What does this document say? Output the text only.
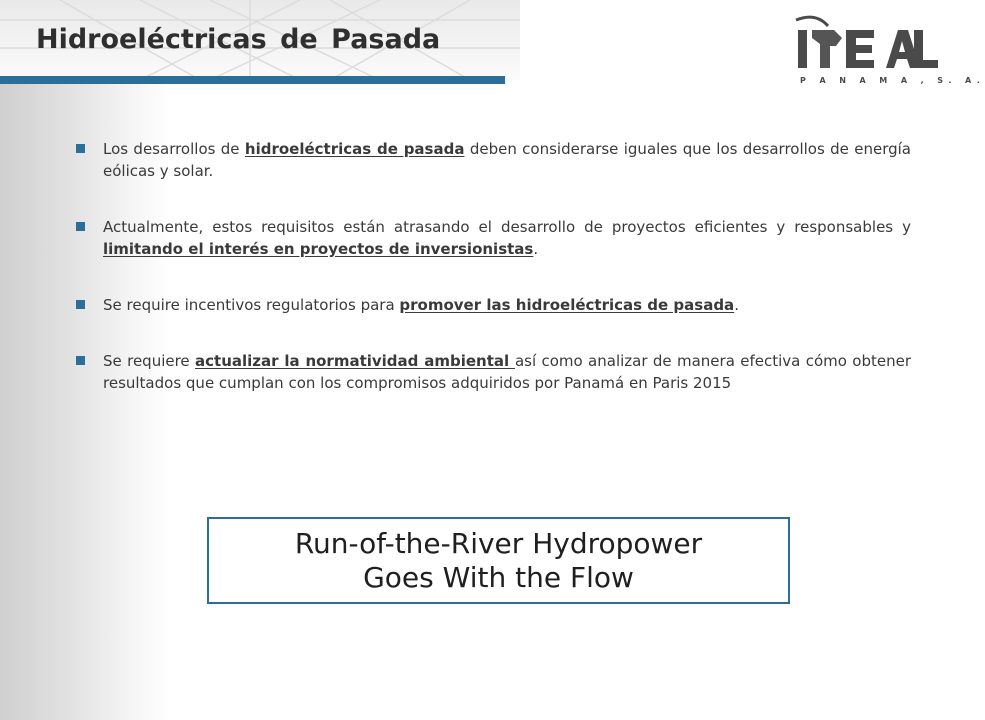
Hidroeléctricas de Pasada
P A N A M A , S. A.

Los desarrollos de hidroeléctricas de pasada deben considerarse iguales que los desarrollos de energía eólicas y solar.

Actualmente, estos requisitos están atrasando el desarrollo de proyectos eficientes y responsables y limitando el interés en proyectos de inversionistas.

Se require incentivos regulatorios para promover las hidroeléctricas de pasada.

Se requiere actualizar la normatividad ambiental así como analizar de manera efectiva cómo obtener resultados que cumplan con los compromisos adquiridos por Panamá en Paris 2015

Run-of-the-River Hydropower
Goes With the Flow
